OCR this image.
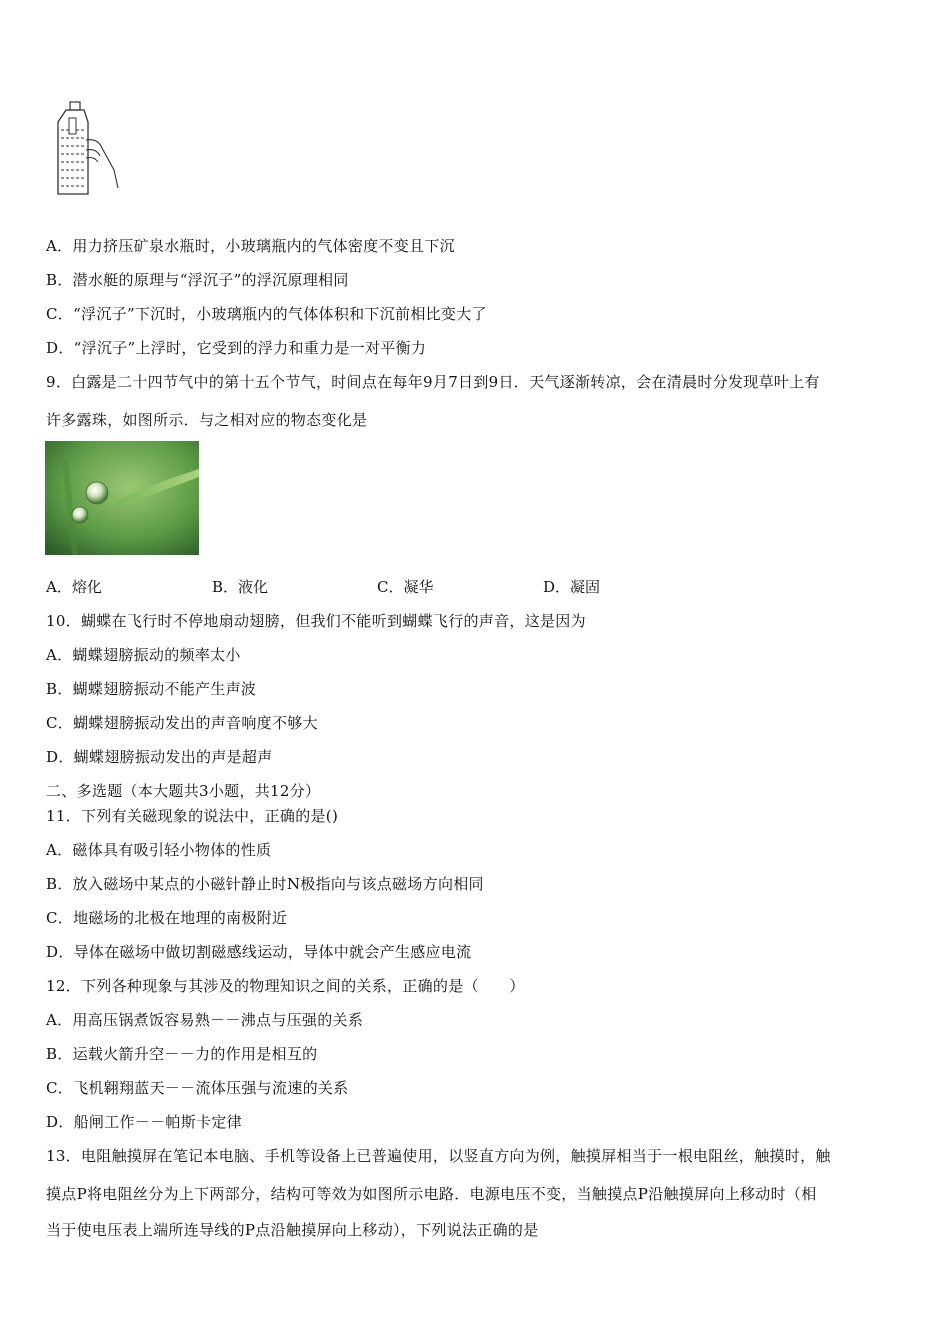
A．用力挤压矿泉水瓶时，小玻璃瓶内的气体密度不变且下沉
B．潜水艇的原理与“浮沉子”的浮沉原理相同
C．“浮沉子”下沉时，小玻璃瓶内的气体体积和下沉前相比变大了
D．“浮沉子”上浮时，它受到的浮力和重力是一对平衡力
9．白露是二十四节气中的第十五个节气，时间点在每年9月7日到9日．天气逐渐转凉，会在清晨时分发现草叶上有
许多露珠，如图所示．与之相对应的物态变化是
A．熔化	B．液化	C．凝华	D．凝固
10．蝴蝶在飞行时不停地扇动翅膀，但我们不能听到蝴蝶飞行的声音，这是因为
A．蝴蝶翅膀振动的频率太小
B．蝴蝶翅膀振动不能产生声波
C．蝴蝶翅膀振动发出的声音响度不够大
D．蝴蝶翅膀振动发出的声是超声
二、多选题（本大题共3小题，共12分）
11．下列有关磁现象的说法中，正确的是()
A．磁体具有吸引轻小物体的性质
B．放入磁场中某点的小磁针静止时N极指向与该点磁场方向相同
C．地磁场的北极在地理的南极附近
D．导体在磁场中做切割磁感线运动，导体中就会产生感应电流
12．下列各种现象与其涉及的物理知识之间的关系，正确的是（　　）
A．用高压锅煮饭容易熟－－沸点与压强的关系
B．运载火箭升空－－力的作用是相互的
C．飞机翱翔蓝天－－流体压强与流速的关系
D．船闸工作－－帕斯卡定律
13．电阻触摸屏在笔记本电脑、手机等设备上已普遍使用，以竖直方向为例，触摸屏相当于一根电阻丝，触摸时，触
摸点P将电阻丝分为上下两部分，结构可等效为如图所示电路．电源电压不变，当触摸点P沿触摸屏向上移动时（相
当于使电压表上端所连导线的P点沿触摸屏向上移动），下列说法正确的是
